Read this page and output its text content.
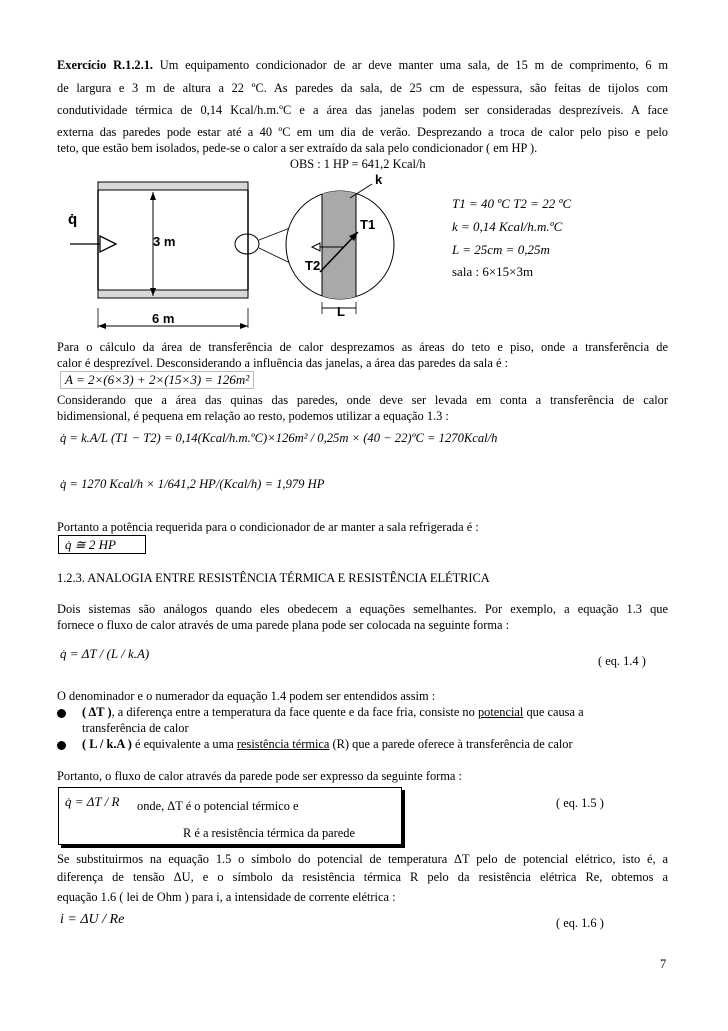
Exercício R.1.2.1. Um equipamento condicionador de ar deve manter uma sala, de 15 m de comprimento, 6 m
de largura e 3 m de altura a 22 ºC. As paredes da sala, de 25 cm de espessura, são feitas de tijolos com
condutividade térmica de 0,14 Kcal/h.m.ºC e a área das janelas podem ser consideradas desprezíveis. A face
externa das paredes pode estar até a 40 ºC em um dia de verão. Desprezando a troca de calor pelo piso e pelo
teto, que estão bem isolados, pede-se o calor a ser extraído da sala pelo condicionador ( em HP ).
OBS : 1 HP = 641,2 Kcal/h
q̇
3 m
6 m
k
T1
T2
L
T1 = 40 ºC T2 = 22 ºC
k = 0,14 Kcal/h.m.ºC
L = 25cm = 0,25m
sala : 6×15×3m
Para o cálculo da área de transferência de calor desprezamos as áreas do teto e piso, onde a transferência de
calor é desprezível. Desconsiderando a influência das janelas, a área das paredes da sala é :
A = 2×(6×3) + 2×(15×3) = 126m²
Considerando que a área das quinas das paredes, onde deve ser levada em conta a transferência de calor
bidimensional, é pequena em relação ao resto, podemos utilizar a equação 1.3 :
q̇ = k.A/L (T1 − T2) = 0,14(Kcal/h.m.ºC)×126m² / 0,25m × (40 − 22)ºC = 1270Kcal/h
q̇ = 1270 Kcal/h × 1/641,2 HP/(Kcal/h) = 1,979 HP
Portanto a potência requerida para o condicionador de ar manter a sala refrigerada é :
q̇ ≅ 2 HP
1.2.3. ANALOGIA ENTRE RESISTÊNCIA TÉRMICA E RESISTÊNCIA ELÉTRICA
Dois sistemas são análogos quando eles obedecem a equações semelhantes. Por exemplo, a equação 1.3 que
fornece o fluxo de calor através de uma parede plana pode ser colocada na seguinte forma :
q̇ = ΔT / (L / k.A)	( eq. 1.4 )
O denominador e o numerador da equação 1.4 podem ser entendidos assim :
( ΔT ), a diferença entre a temperatura da face quente e da face fria, consiste no potencial que causa a
transferência de calor
( L / k.A ) é equivalente a uma resistência térmica (R) que a parede oferece à transferência de calor
Portanto, o fluxo de calor através da parede pode ser expresso da seguinte forma :
q̇ = ΔT / R onde, ΔT é o potencial térmico e
R é a resistência térmica da parede
( eq. 1.5 )
Se substituirmos na equação 1.5 o símbolo do potencial de temperatura ΔT pelo de potencial elétrico, isto é, a
diferença de tensão ΔU, e o símbolo da resistência térmica R pelo da resistência elétrica Re, obtemos a
equação 1.6 ( lei de Ohm ) para i, a intensidade de corrente elétrica :
i = ΔU / Re	( eq. 1.6 )
7
